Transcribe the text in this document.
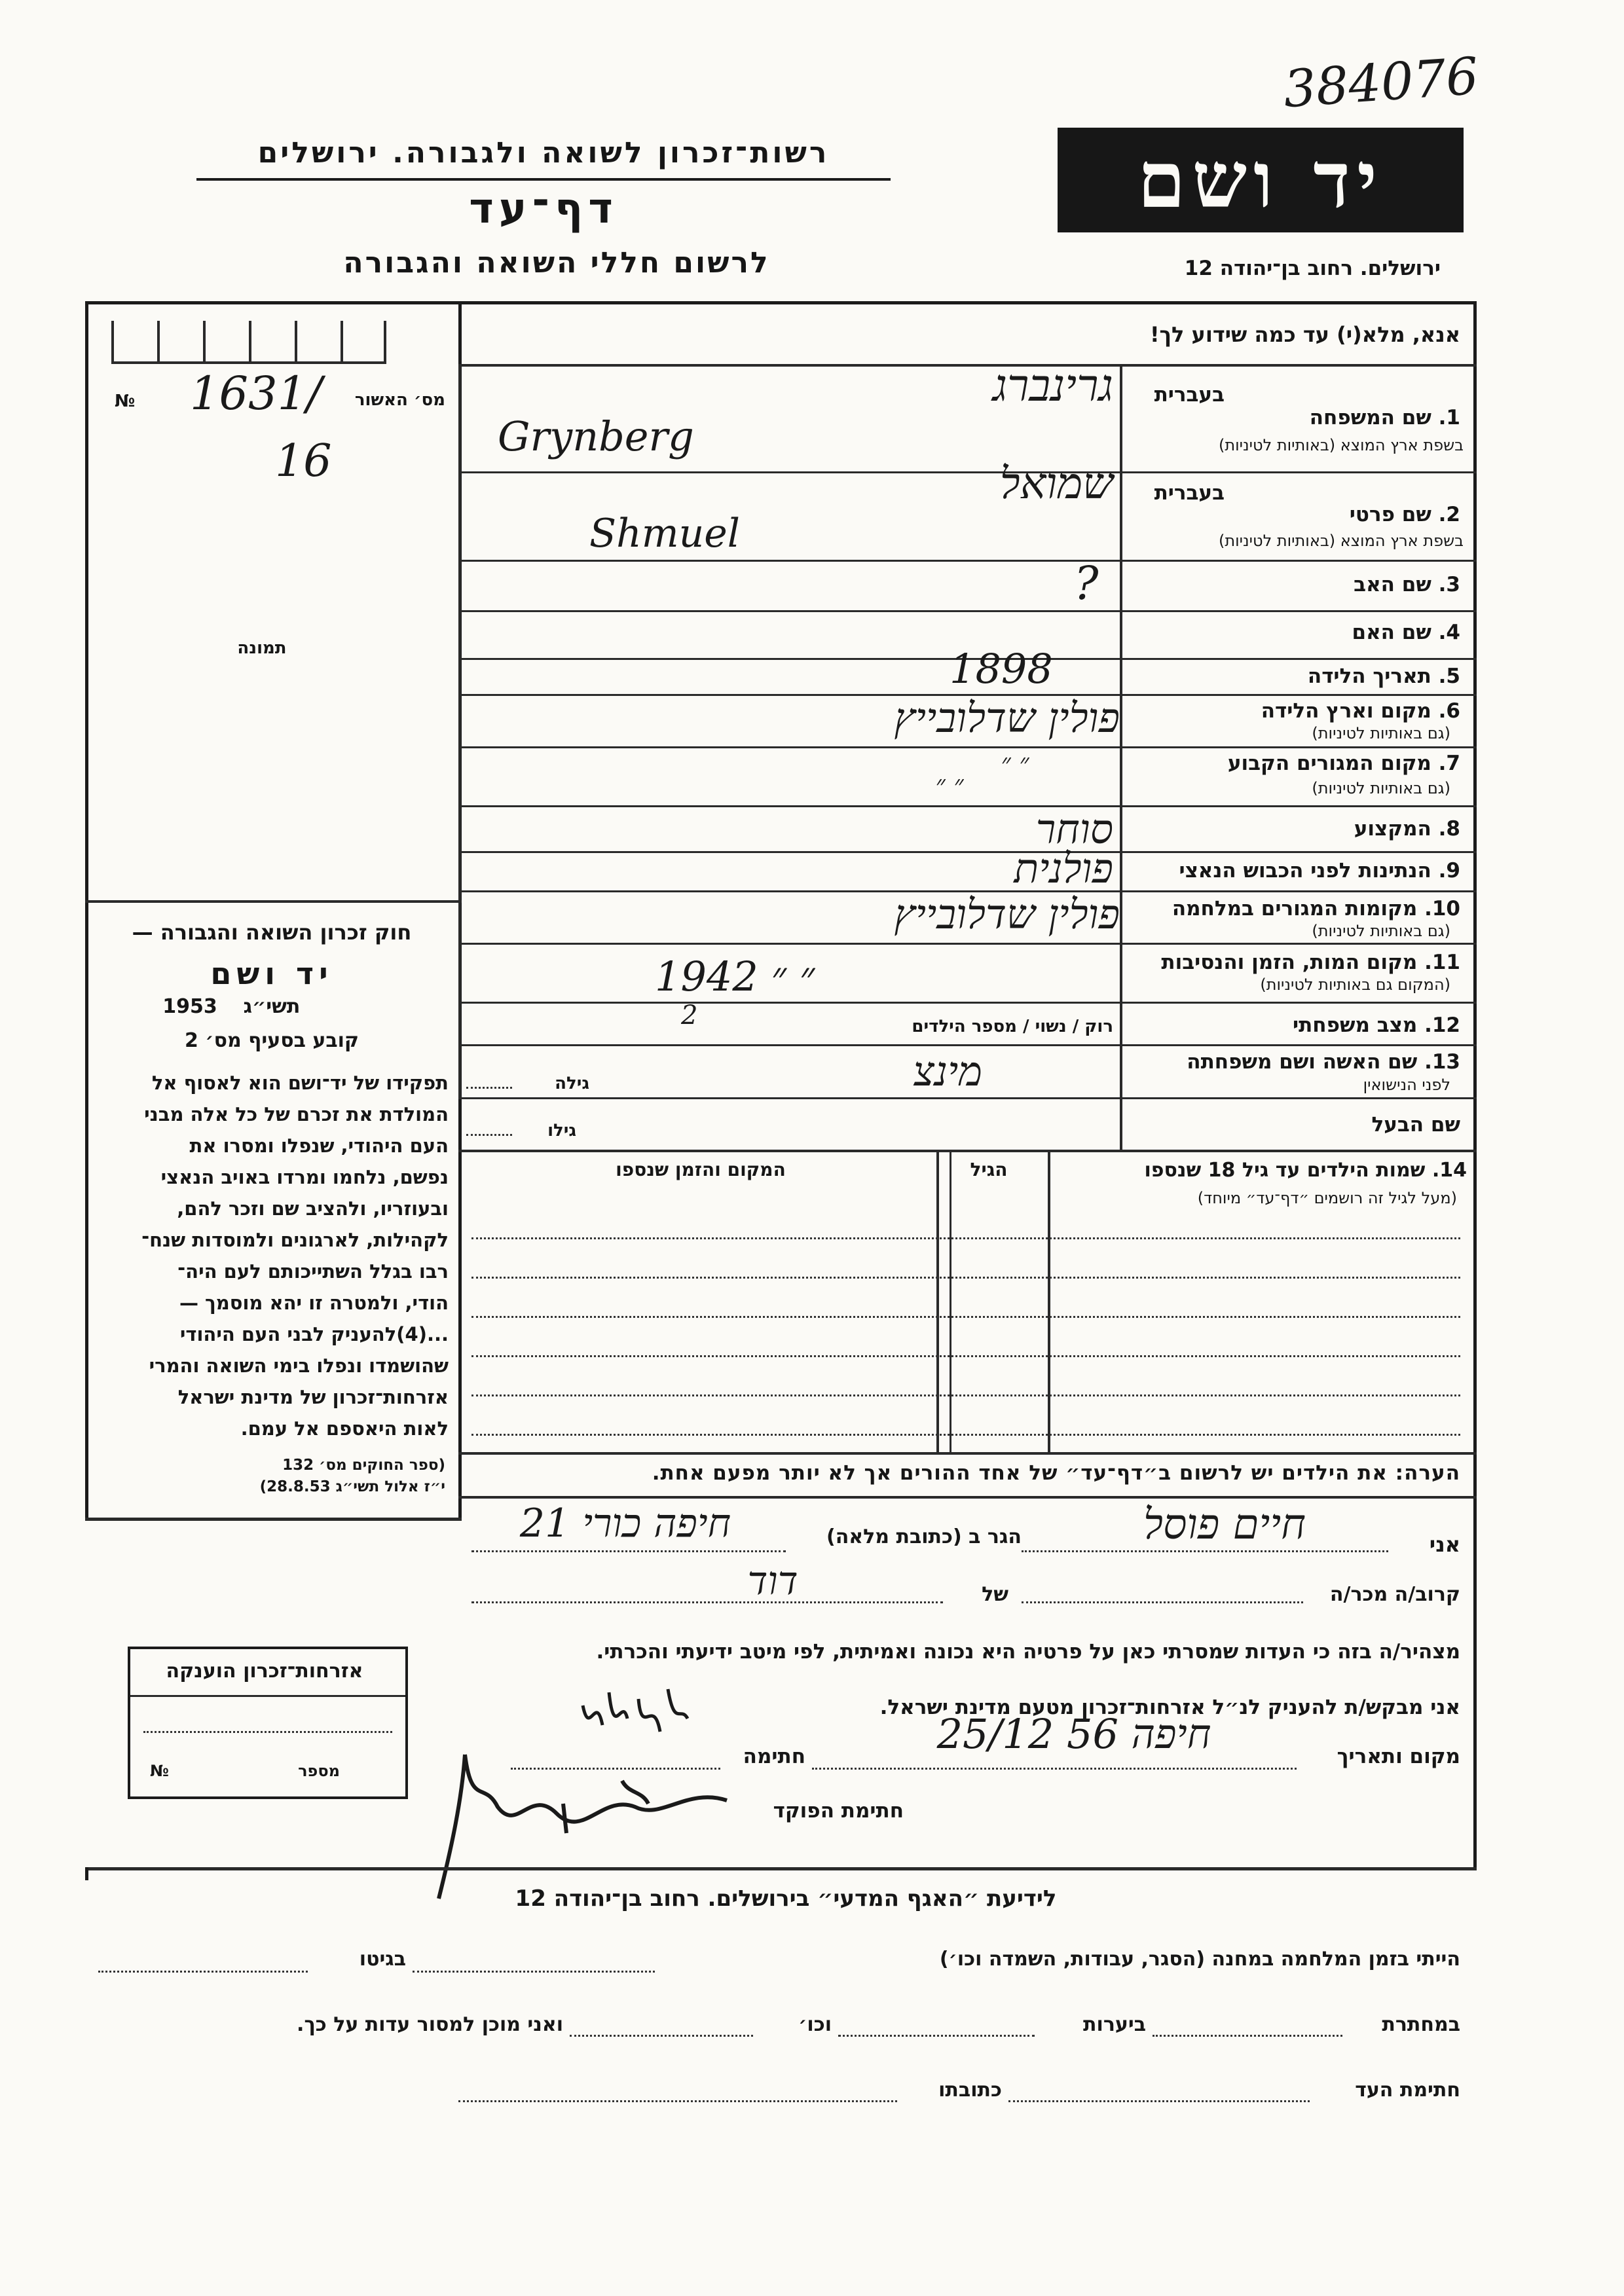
384076
רשות־זכרון לשואה ולגבורה. ירושלים
דף־עד
לרשום חללי השואה והגבורה
יד ושם
ירושלים. רחוב בן־יהודה 12
אנא, מלא(י) עד כמה שידוע לך!
№ 1631/	מס׳ האשור
16
תמונה
חוק זכרון השואה והגבורה —
יד ושם
תשי״ג
1953
קובע בסעיף מס׳ 2
תפקידו של יד־ושם הוא לאסוף אל
המולדת את זכרם של כל אלה מבני
העם היהודי, שנפלו ומסרו את
נפשם, נלחמו ומרדו באויב הנאצי
ובעוזריו, ולהציב שם וזכר להם,
לקהילות, לארגונים ולמוסדות שנח־
רבו בגלל השתייכותם לעם היה־
הודי, ולמטרה זו יהא מוסמך —
...(4)להעניק לבני העם היהודי
שהושמדו ונפלו בימי השואה והמרי
אזרחות־זכרון של מדינת ישראל
לאות היאספם אל עמם.
(ספר החוקים מס׳ 132
י״ז אלול תשי״ג 28.8.53)
בעברית
1. שם המשפחה
בשפת ארץ המוצא (באותיות לטיניות)
גרינברג
Grynberg
בעברית
2. שם פרטי
בשפת ארץ המוצא (באותיות לטיניות)
שמואל
Shmuel
3. שם האב
?
4. שם האם
5. תאריך הלידה
1898
6. מקום וארץ הלידה
(גם באותיות לטיניות)
פולין שדלובייץ
7. מקום המגורים הקבוע
(גם באותיות לטיניות)
״ ״
״ ״
8. המקצוע
סוחר
9. הנתינות לפני הכבוש הנאצי
פולנית
10. מקומות המגורים במלחמה
(גם באותיות לטיניות)
פולין שדלובייץ
11. מקום המות, הזמן והנסיבות
(המקום גם באותיות לטיניות)
1942 ״ ״
12. מצב משפחתי
רוק / נשוי / מספר הילדים
2
13. שם האשה ושם משפחתה
לפני הנישואין
מינצ
גילה
שם הבעל
גילו
14. שמות הילדים עד גיל 18 שנספו
(מעל לגיל זה רושמים ״דף־עד״ מיוחד)
הגיל
המקום והזמן שנספו
הערה: את הילדים יש לרשום ב״דף־עד״ של אחד ההורים אך לא יותר מפעם אחת.
אני
חיים פוסל
הגר ב (כתובת מלאה)
חיפה כורי 21
קרוב/ה מכר/ה
של
דוד
מצהיר/ה בזה כי העדות שמסרתי כאן על פרטיה היא נכונה ואמיתית, לפי מיטב ידיעתי והכרתי.
אני מבקש/ת להעניק לנ״ל אזרחות־זכרון מטעם מדינת ישראל.
מקום ותאריך
חיפה 56 25/12
חתימה
חתימת הפוקד
אזרחות־זכרון הוענקה
מספר
№
לידיעת ״האגף המדעי״ בירושלים. רחוב בן־יהודה 12
הייתי בזמן המלחמה במחנה (הסגר, עבודות, השמדה וכו׳)
בגיטו
במחתרת
ביערות
וכו׳
ואני מוכן למסור עדות על כך.
חתימת העד
כתובתו
